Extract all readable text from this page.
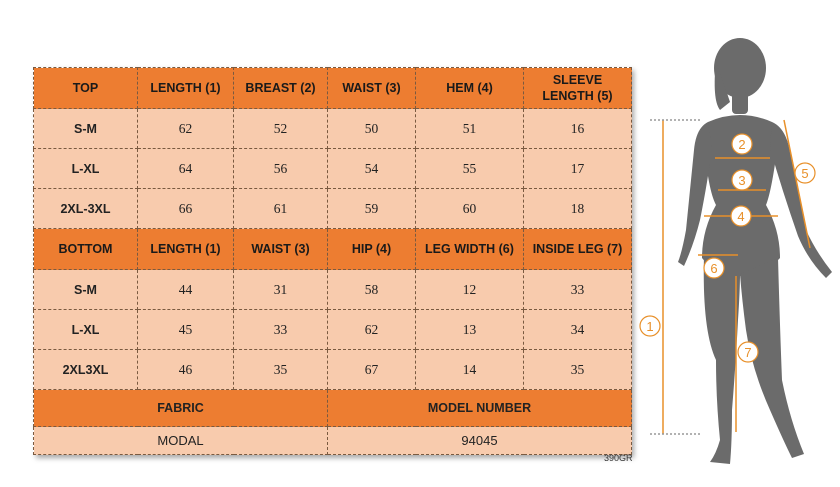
TOP	LENGTH (1)	BREAST (2)	WAIST (3)	HEM (4)	SLEEVE LENGTH (5)
S-M	62	52	50	51	16
L-XL	64	56	54	55	17
2XL-3XL	66	61	59	60	18
BOTTOM	LENGTH (1)	WAIST (3)	HIP (4)	LEG WIDTH (6)	INSIDE LEG (7)
S-M	44	31	58	12	33
L-XL	45	33	62	13	34
2XL3XL	46	35	67	14	35
FABRIC			MODEL NUMBER		
MODAL			94045		
390GR
1
2
3
4
5
6
7
